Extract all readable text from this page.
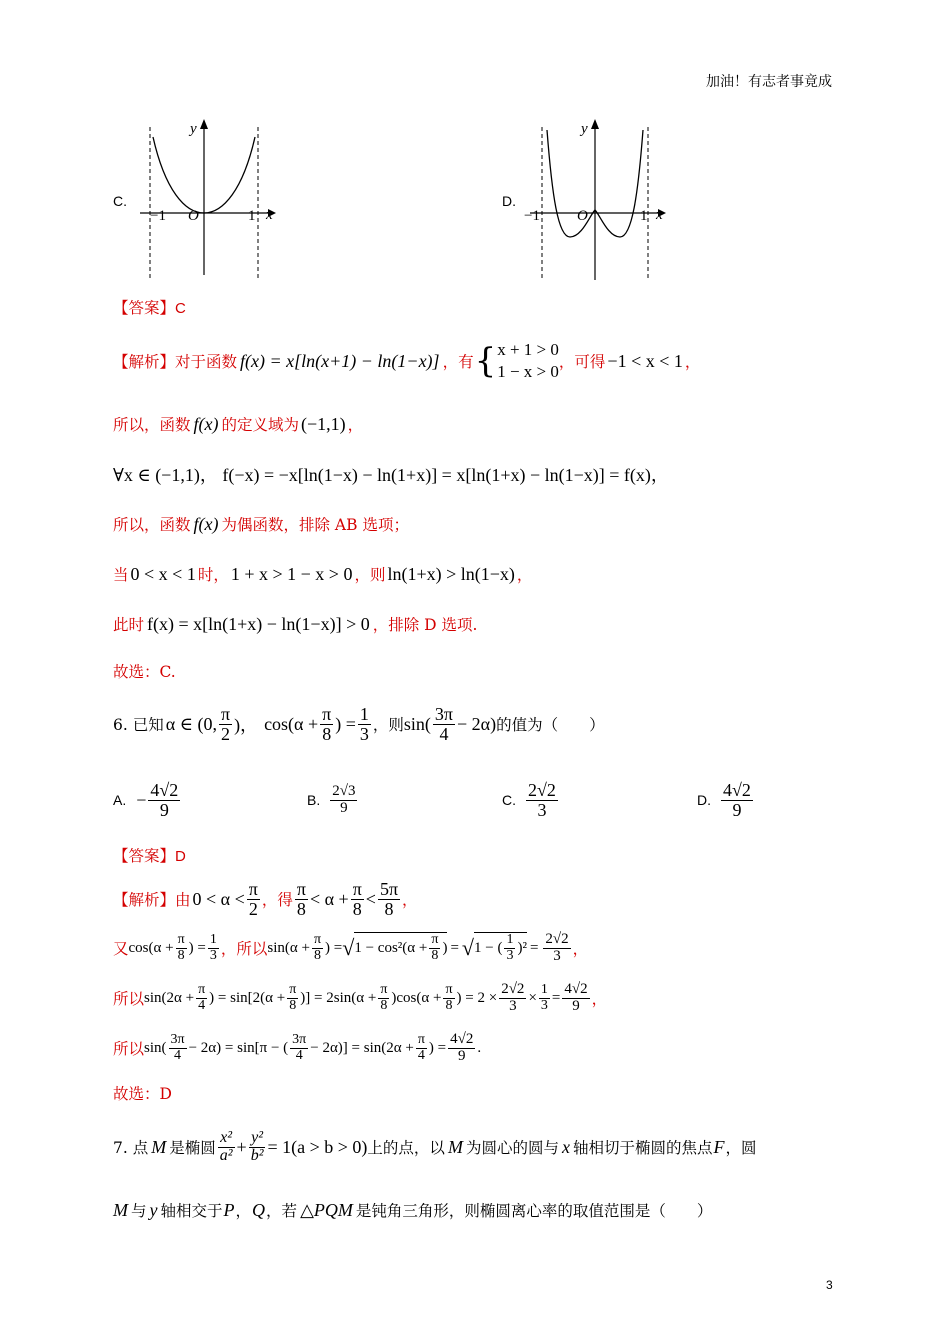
加油！有志者事竟成
C.
y
x
O
−1	1
D.
y
x
O
−1	1
【答案】C
【解析】 对于函数 f(x) = x[ln(x+1) − ln(1−x)] ，有 { x + 1 > 0
1 − x > 0 ，可得 −1 < x < 1 ，
所以，函数 f(x) 的定义域为 (−1,1) ，
∀x ∈ (−1,1)， f(−x) = −x[ln(1−x) − ln(1+x)] = x[ln(1+x) − ln(1−x)] = f(x)，
所以，函数 f(x) 为偶函数，排除 AB 选项；
当 0 < x < 1 时， 1 + x > 1 − x > 0 ，则 ln(1+x) > ln(1−x) ，
此时 f(x) = x[ln(1+x) − ln(1−x)] > 0 ，排除 D 选项.
故选：C.
6. 已知 α ∈ (0, $\frac{\pi}{2}$ )， $\cos(\alpha + \frac{\pi}{8}$ ) = $\frac{1}{3}$ ，则 $\sin( \frac{3\pi}{4} - 2\alpha)$ 的值为（　　）
A. − $\frac{4√2}{9}$	B. $\frac{2√3}{9}$	C. $\frac{2√2}{3}$	D. $\frac{4√2}{9}$
【答案】D
【解析】 由 $0 < \alpha < \frac{\pi}{2}$ ，得 $\frac{\pi}{8} < \alpha + \frac{\pi}{8} < \frac{5\pi}{8}$ ，
又 $\cos(\alpha + \frac{\pi}{8}$ ) = $\frac{1}{3}$ ，所以 $\sin(\alpha + \frac{\pi}{8}$ ) = √ $1 - \cos^2(\alpha + \frac{\pi}{8}$ ) = √ 1 − ( $\frac{1}{3} )^2 = \frac{2√2}{3}$ ，
所以 $\sin(2\alpha + \frac{\pi}{4}$ ) = $\sin[2(\alpha + \frac{\pi}{8}$ )] = $2\sin(\alpha + \frac{\pi}{8} )\cos(\alpha + \frac{\pi}{8}$ ) = $2 \times \frac{2√2}{3} \times \frac{1}{3} = \frac{4√2}{9}$ ，
所以 $\sin( \frac{3\pi}{4} - 2\alpha) = \sin[\pi$ − ( $\frac{3\pi}{4} - 2\alpha)] = \sin(2\alpha + \frac{\pi}{4}$ ) = $\frac{4√2}{9}$ .
故选：D
7. 点 M 是椭圆 $\frac{\text{x²}}{\text{a²}} + \frac{\text{y²}}{\text{b²}} = 1(a > b > 0)$ 上的点，以 M 为圆心的圆与 x 轴相切于椭圆的焦点 F ，圆
M 与 y 轴相交于 P ， Q ，若 △PQM 是钝角三角形，则椭圆离心率的取值范围是（　　）
3
